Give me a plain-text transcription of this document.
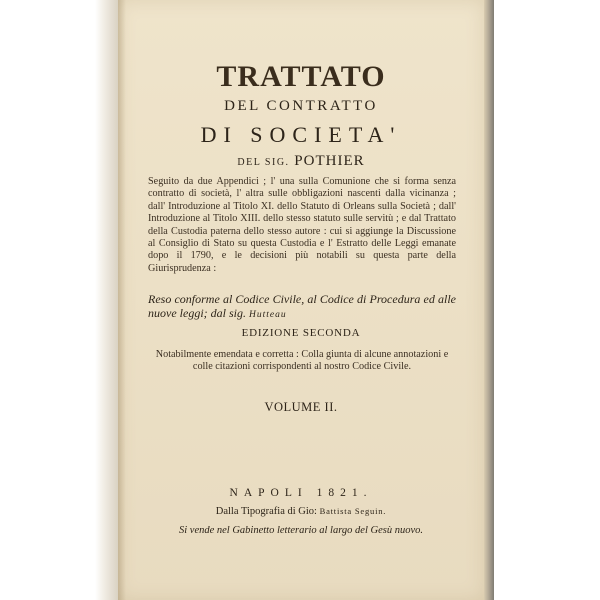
TRATTATO
DEL CONTRATTO
DI SOCIETA'
DEL SIG. POTHIER
Seguito da due Appendici ; l' una sulla Comunione che si forma senza contratto di società, l' altra sulle obbligazioni nascenti dalla vicinanza ; dall' Introduzione al Titolo XI. dello Statuto di Orleans sulla Società ; dall' Introduzione al Titolo XIII. dello stesso statuto sulle servitù ; e dal Trattato della Custodia paterna dello stesso autore : cui si aggiunge la Discussione al Consiglio di Stato su questa Custodia e l' Estratto delle Leggi emanate dopo il 1790, e le decisioni più notabili su questa parte della Giurisprudenza :
Reso conforme al Codice Civile, al Codice di Procedura ed alle nuove leggi; dal sig. Hutteau
EDIZIONE SECONDA
Notabilmente emendata e corretta : Colla giunta di alcune annotazioni e colle citazioni corrispondenti al nostro Codice Civile.
VOLUME II.
NAPOLI 1821.
Dalla Tipografia di Gio: Battista Seguin.
Si vende nel Gabinetto letterario al largo del Gesù nuovo.
